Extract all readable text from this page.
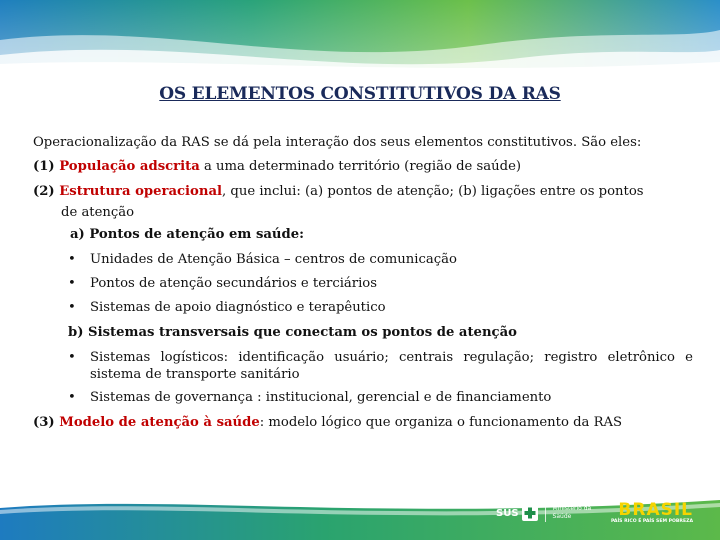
OS ELEMENTOS CONSTITUTIVOS DA RAS
Operacionalização da RAS se dá pela interação dos seus elementos constitutivos. São eles:
(1) População adscrita a uma determinado território (região de saúde)
(2) Estrutura operacional, que inclui: (a) pontos de atenção; (b) ligações entre os pontos
de atenção
a) Pontos de atenção em saúde:
• Unidades de Atenção Básica – centros de comunicação
• Pontos de atenção secundários e terciários
• Sistemas de apoio diagnóstico e terapêutico
b) Sistemas transversais que conectam os pontos de atenção
•	Sistemas logísticos: identificação usuário; centrais regulação; registro eletrônico e sistema de transporte sanitário
• Sistemas de governança : institucional, gerencial e de financiamento
(3) Modelo de atenção à saúde: modelo lógico que organiza o funcionamento da RAS
SUS	Ministério da
Saúde
GOVERNO FEDERAL
BRASIL
PAÍS RICO É PAÍS SEM POBREZA
